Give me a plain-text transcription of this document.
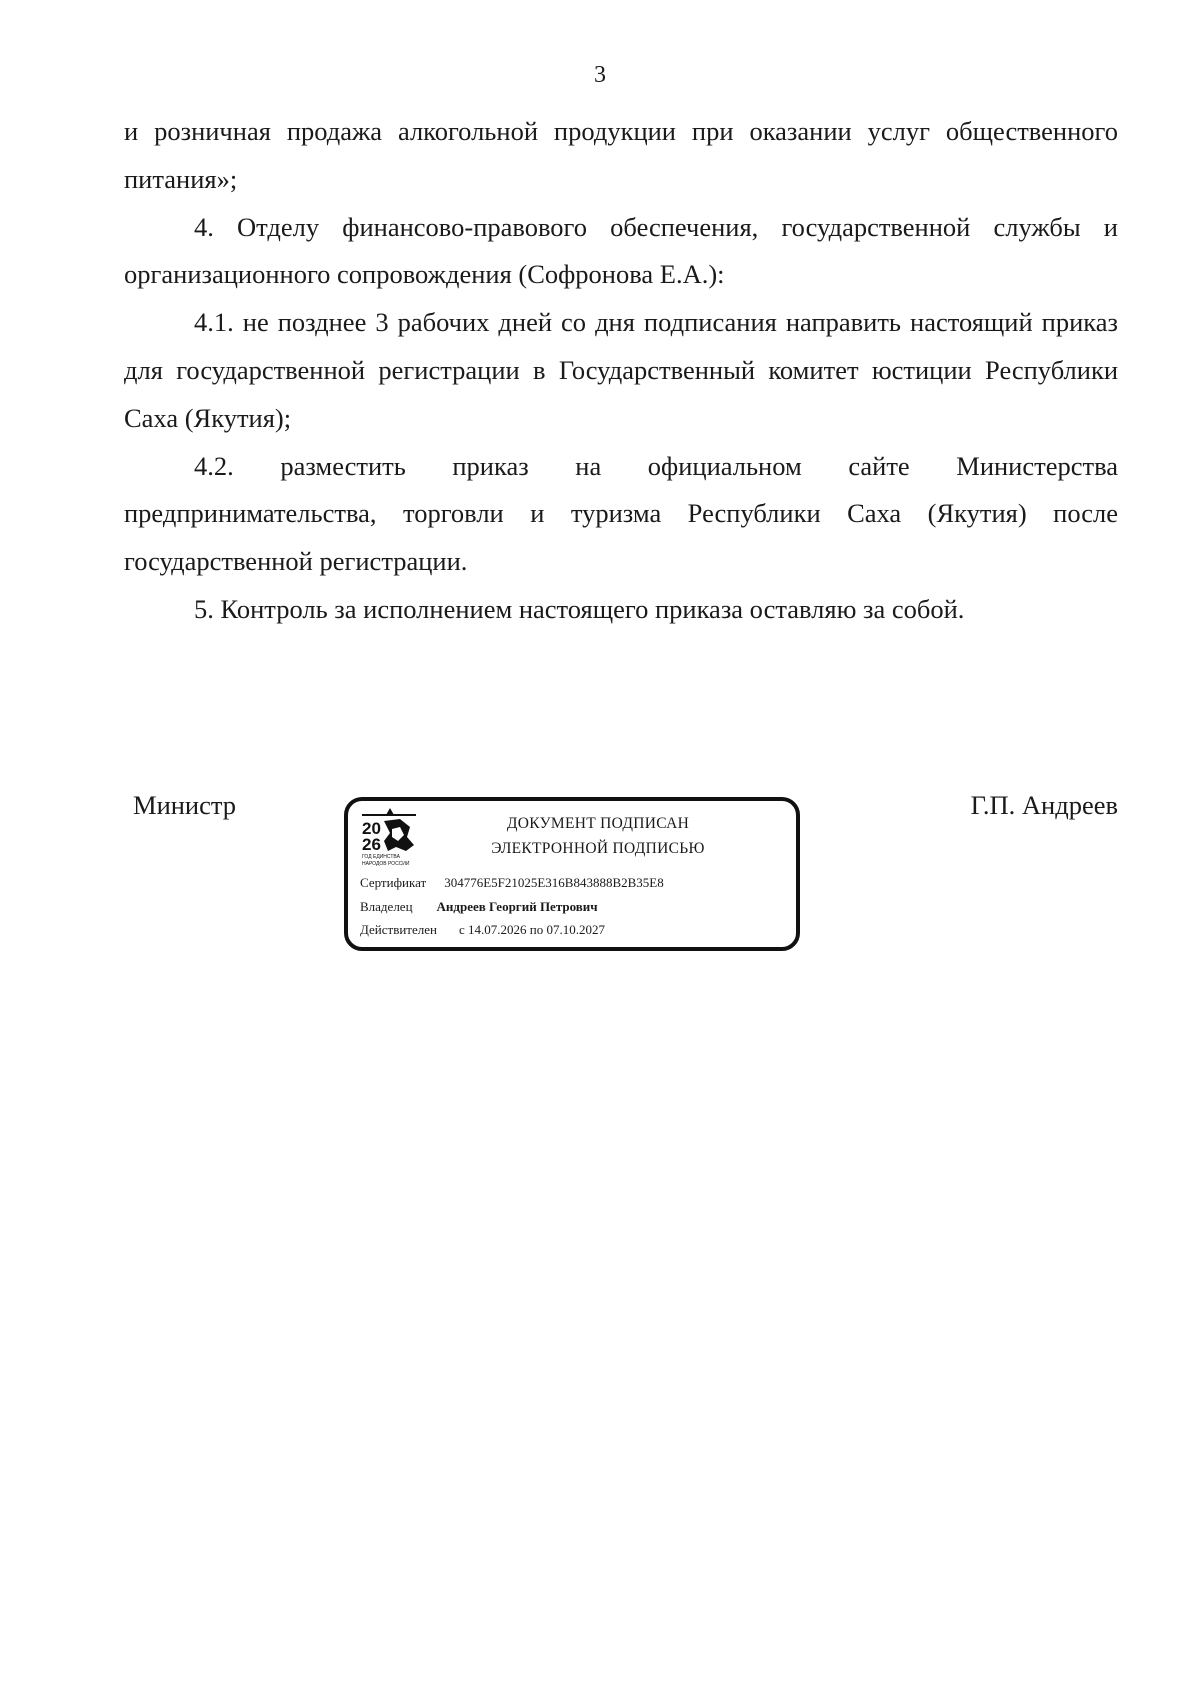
3

и розничная продажа алкогольной продукции при оказании услуг общественного питания»;

4. Отделу финансово-правового обеспечения, государственной службы и организационного сопровождения (Софронова Е.А.):

4.1. не позднее 3 рабочих дней со дня подписания направить настоящий приказ для государственной регистрации в Государственный комитет юстиции Республики Саха (Якутия);

4.2. разместить приказ на официальном сайте Министерства

предпринимательства, торговли и туризма Республики Саха (Якутия) после государственной регистрации.

5. Контроль за исполнением настоящего приказа оставляю за собой.

Министр	Г.П. Андреев
20
26
ГОД ЕДИНСТВА
НАРОДОВ РОССИИ
ДОКУМЕНТ ПОДПИСАН
ЭЛЕКТРОННОЙ ПОДПИСЬЮ
Сертификат 304776E5F21025E316B843888B2B35E8
Владелец Андреев Георгий Петрович
Действителен с 14.07.2026 по 07.10.2027
